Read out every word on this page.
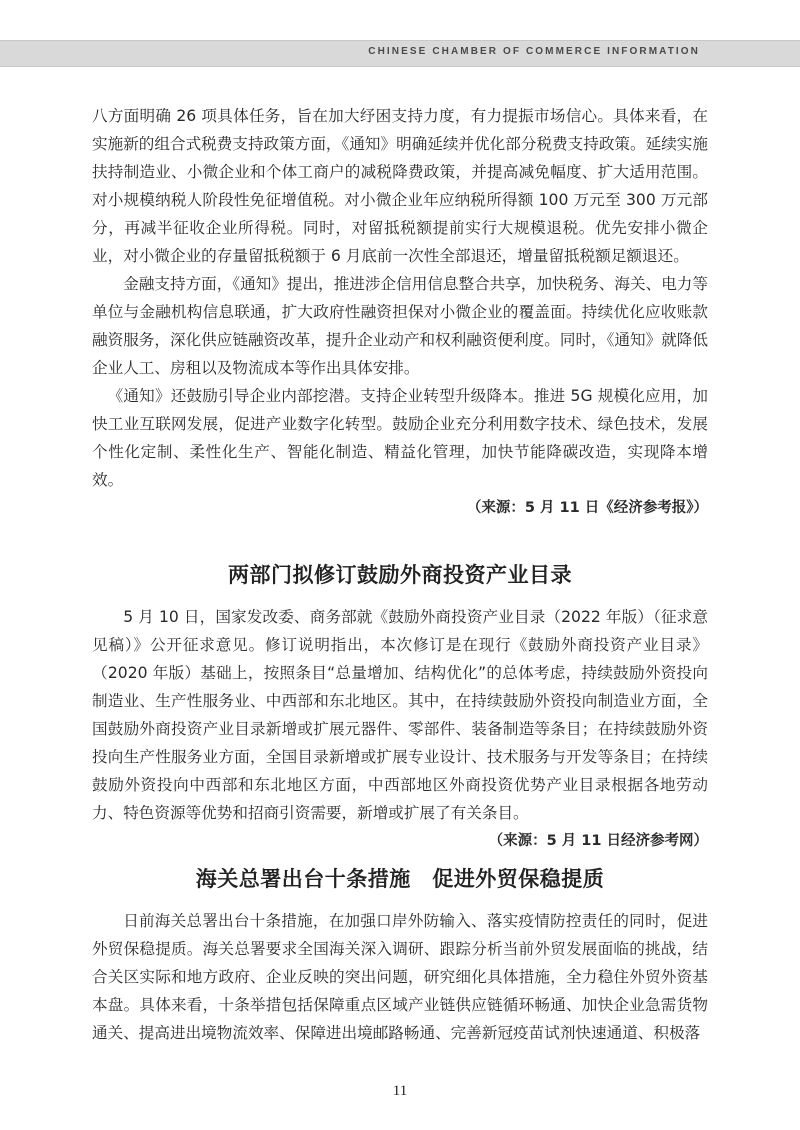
CHINESE CHAMBER OF COMMERCE INFORMATION

八方面明确 26 项具体任务，旨在加大纾困支持力度，有力提振市场信心。具体来看，在实施新的组合式税费支持政策方面，《通知》明确延续并优化部分税费支持政策。延续实施扶持制造业、小微企业和个体工商户的减税降费政策，并提高减免幅度、扩大适用范围。对小规模纳税人阶段性免征增值税。对小微企业年应纳税所得额 100 万元至 300 万元部分，再减半征收企业所得税。同时，对留抵税额提前实行大规模退税。优先安排小微企业，对小微企业的存量留抵税额于 6 月底前一次性全部退还，增量留抵税额足额退还。

金融支持方面，《通知》提出，推进涉企信用信息整合共享，加快税务、海关、电力等单位与金融机构信息联通，扩大政府性融资担保对小微企业的覆盖面。持续优化应收账款融资服务，深化供应链融资改革，提升企业动产和权利融资便利度。同时，《通知》就降低企业人工、房租以及物流成本等作出具体安排。

《通知》还鼓励引导企业内部挖潜。支持企业转型升级降本。推进 5G 规模化应用，加快工业互联网发展，促进产业数字化转型。鼓励企业充分利用数字技术、绿色技术，发展个性化定制、柔性化生产、智能化制造、精益化管理，加快节能降碳改造，实现降本增效。

（来源：5 月 11 日《经济参考报》）

两部门拟修订鼓励外商投资产业目录

5 月 10 日，国家发改委、商务部就《鼓励外商投资产业目录（2022 年版）（征求意见稿）》公开征求意见。修订说明指出，本次修订是在现行《鼓励外商投资产业目录》（2020 年版）基础上，按照条目“总量增加、结构优化”的总体考虑，持续鼓励外资投向制造业、生产性服务业、中西部和东北地区。其中，在持续鼓励外资投向制造业方面，全国鼓励外商投资产业目录新增或扩展元器件、零部件、装备制造等条目；在持续鼓励外资投向生产性服务业方面，全国目录新增或扩展专业设计、技术服务与开发等条目；在持续鼓励外资投向中西部和东北地区方面，中西部地区外商投资优势产业目录根据各地劳动力、特色资源等优势和招商引资需要，新增或扩展了有关条目。
（来源：5 月 11 日经济参考网）

海关总署出台十条措施　促进外贸保稳提质

日前海关总署出台十条措施，在加强口岸外防输入、落实疫情防控责任的同时，促进外贸保稳提质。海关总署要求全国海关深入调研、跟踪分析当前外贸发展面临的挑战，结合关区实际和地方政府、企业反映的突出问题，研究细化具体措施，全力稳住外贸外资基本盘。具体来看，十条举措包括保障重点区域产业链供应链循环畅通、加快企业急需货物通关、提高进出境物流效率、保障进出境邮路畅通、完善新冠疫苗试剂快速通道、积极落

11
